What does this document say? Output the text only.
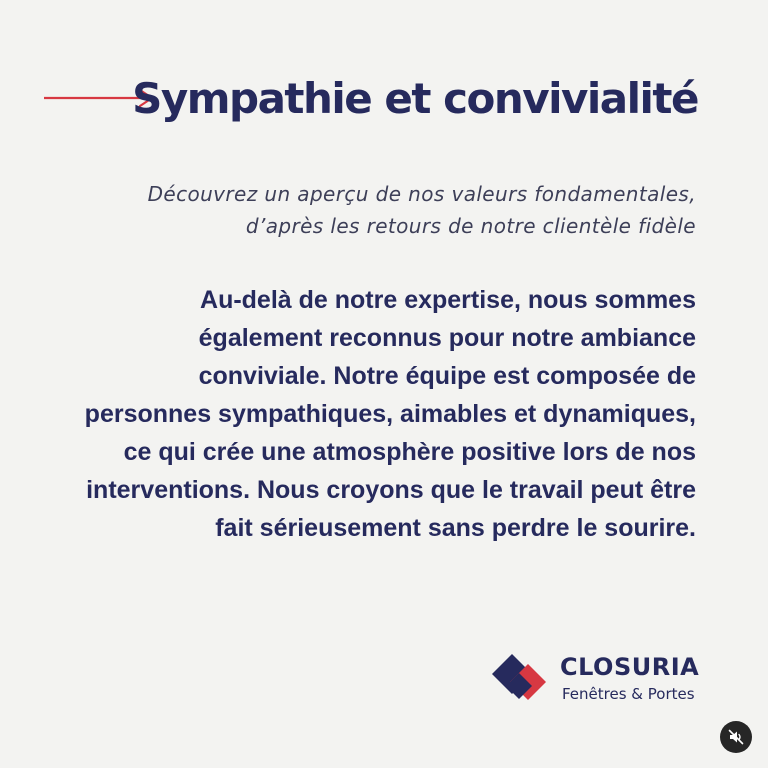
Sympathie et convivialité

Découvrez un aperçu de nos valeurs fondamentales,
d’après les retours de notre clientèle fidèle

Au-delà de notre expertise, nous sommes
également reconnus pour notre ambiance
conviviale. Notre équipe est composée de
personnes sympathiques, aimables et dynamiques,
ce qui crée une atmosphère positive lors de nos
interventions. Nous croyons que le travail peut être
fait sérieusement sans perdre le sourire.

CLOSURIA
Fenêtres & Portes
